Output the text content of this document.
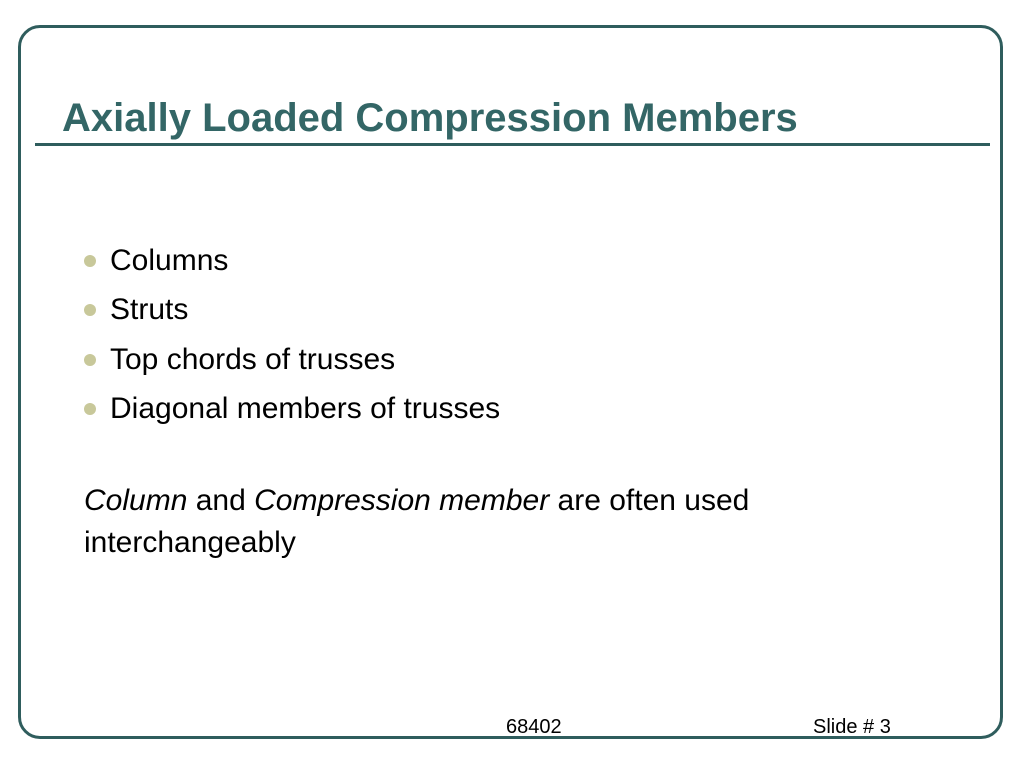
Axially Loaded Compression Members
Columns
Struts
Top chords of trusses
Diagonal members of trusses

Column and Compression member are often used interchangeably

68402	Slide # 3
